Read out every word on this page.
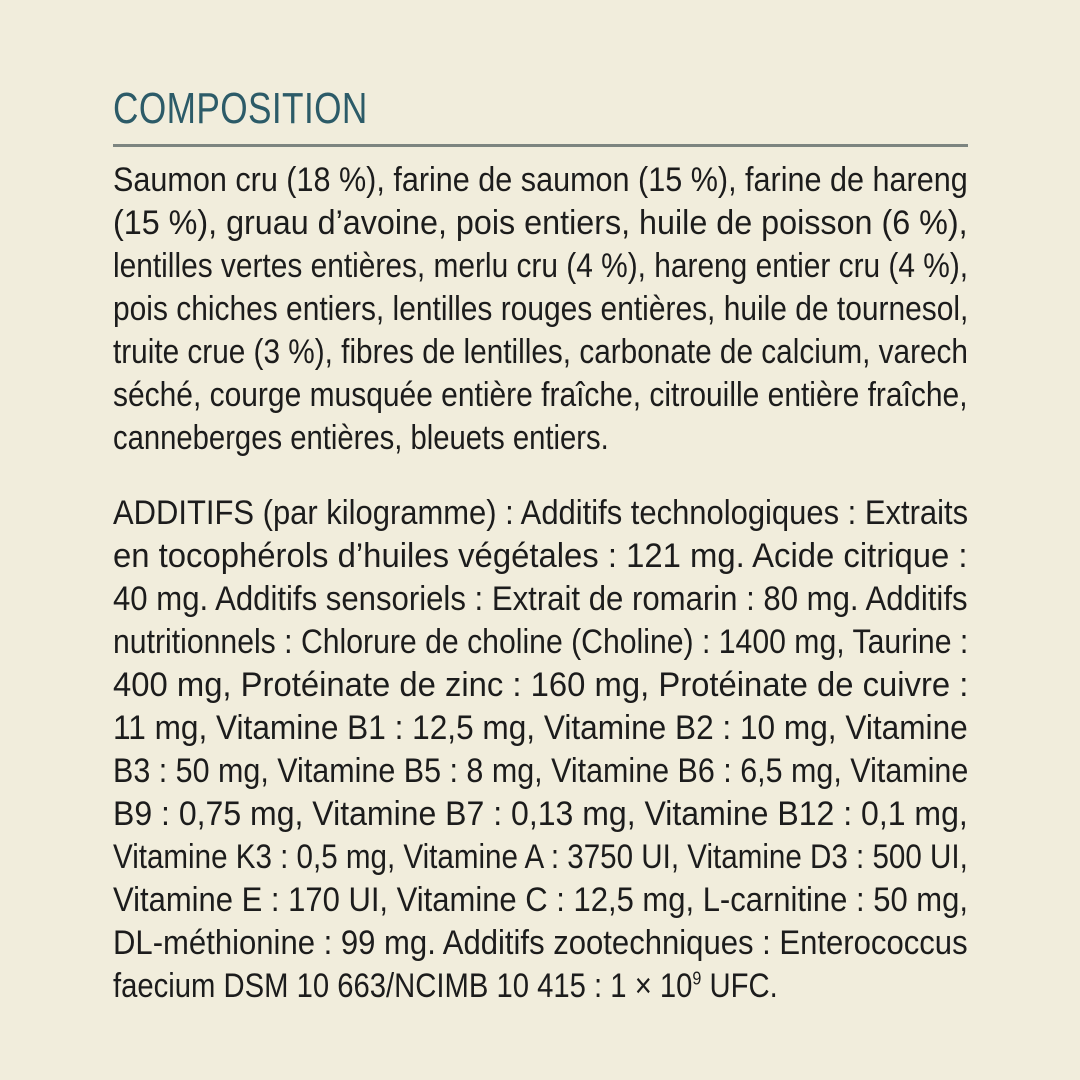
COMPOSITION

Saumon cru (18 %), farine de saumon (15 %), farine de hareng
(15 %), gruau d’avoine, pois entiers, huile de poisson (6 %),
lentilles vertes entières, merlu cru (4 %), hareng entier cru (4 %),
pois chiches entiers, lentilles rouges entières, huile de tournesol,
truite crue (3 %), fibres de lentilles, carbonate de calcium, varech
séché, courge musquée entière fraîche, citrouille entière fraîche,
canneberges entières, bleuets entiers.

ADDITIFS (par kilogramme) : Additifs technologiques : Extraits
en tocophérols d’huiles végétales : 121 mg. Acide citrique :
40 mg. Additifs sensoriels : Extrait de romarin : 80 mg. Additifs
nutritionnels : Chlorure de choline (Choline) : 1400 mg, Taurine :
400 mg, Protéinate de zinc : 160 mg, Protéinate de cuivre :
11 mg, Vitamine B1 : 12,5 mg, Vitamine B2 : 10 mg, Vitamine
B3 : 50 mg, Vitamine B5 : 8 mg, Vitamine B6 : 6,5 mg, Vitamine
B9 : 0,75 mg, Vitamine B7 : 0,13 mg, Vitamine B12 : 0,1 mg,
Vitamine K3 : 0,5 mg, Vitamine A : 3750 UI, Vitamine D3 : 500 UI,
Vitamine E : 170 UI, Vitamine C : 12,5 mg, L-carnitine : 50 mg,
DL-méthionine : 99 mg. Additifs zootechniques : Enterococcus
faecium DSM 10 663/NCIMB 10 415 : $1 \times 10^9$ UFC.
